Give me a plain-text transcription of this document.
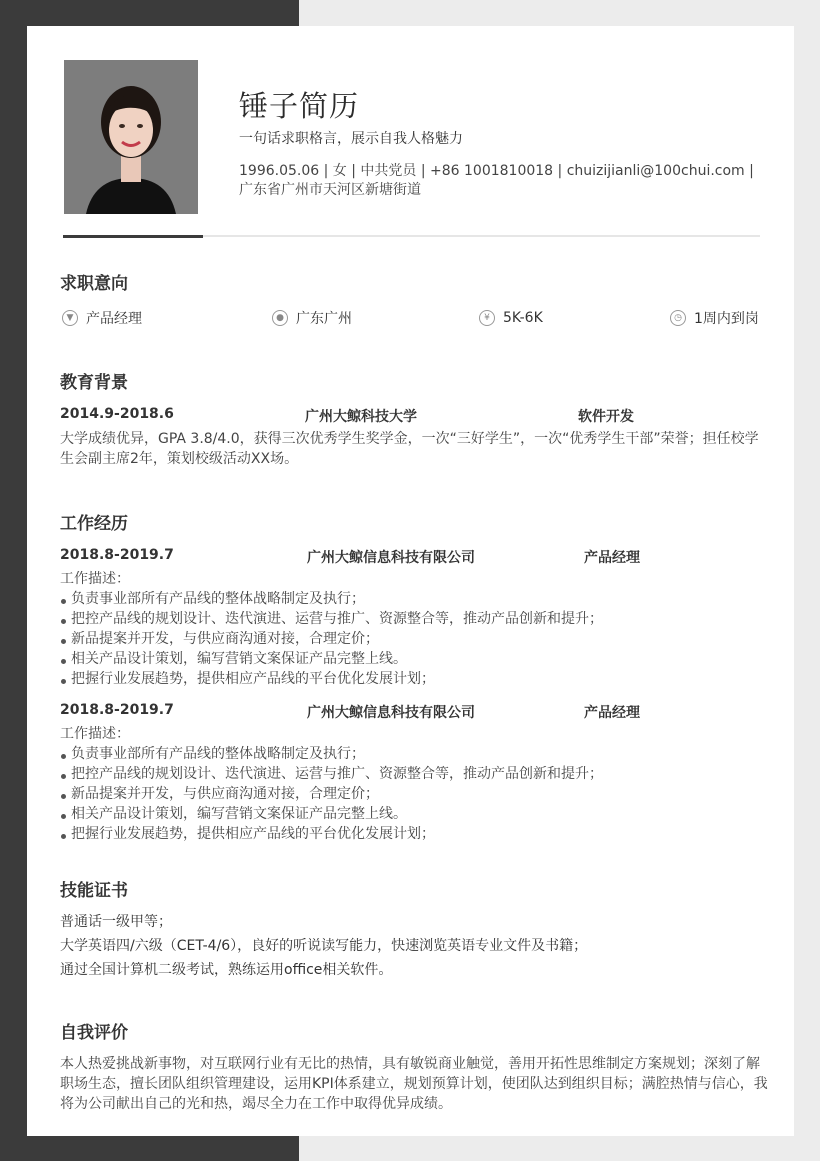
锤子简历
一句话求职格言，展示自我人格魅力
1996.05.06 | 女 | 中共党员 | +86 1001810018 | chuizijianli@100chui.com |
广东省广州市天河区新塘街道
求职意向
▼ 产品经理	● 广东广州	¥ 5K-6K	◷ 1周内到岗
教育背景
2014.9-2018.6	广州大鲸科技大学	软件开发
大学成绩优异，GPA 3.8/4.0，获得三次优秀学生奖学金，一次“三好学生”，一次“优秀学生干部”荣誉；担任校学生会副主席2年，策划校级活动XX场。
工作经历
2018.8-2019.7	广州大鲸信息科技有限公司	产品经理
工作描述：
负责事业部所有产品线的整体战略制定及执行；
把控产品线的规划设计、迭代演进、运营与推广、资源整合等，推动产品创新和提升；
新品提案并开发，与供应商沟通对接，合理定价；
相关产品设计策划，编写营销文案保证产品完整上线。
把握行业发展趋势，提供相应产品线的平台优化发展计划；
2018.8-2019.7	广州大鲸信息科技有限公司	产品经理
工作描述：
负责事业部所有产品线的整体战略制定及执行；
把控产品线的规划设计、迭代演进、运营与推广、资源整合等，推动产品创新和提升；
新品提案并开发，与供应商沟通对接，合理定价；
相关产品设计策划，编写营销文案保证产品完整上线。
把握行业发展趋势，提供相应产品线的平台优化发展计划；
技能证书
普通话一级甲等；
大学英语四/六级（CET-4/6），良好的听说读写能力，快速浏览英语专业文件及书籍；
通过全国计算机二级考试，熟练运用office相关软件。
自我评价
本人热爱挑战新事物，对互联网行业有无比的热情，具有敏锐商业触觉，善用开拓性思维制定方案规划；深刻了解职场生态，擅长团队组织管理建设，运用KPI体系建立，规划预算计划，使团队达到组织目标；满腔热情与信心，我将为公司献出自己的光和热，竭尽全力在工作中取得优异成绩。
